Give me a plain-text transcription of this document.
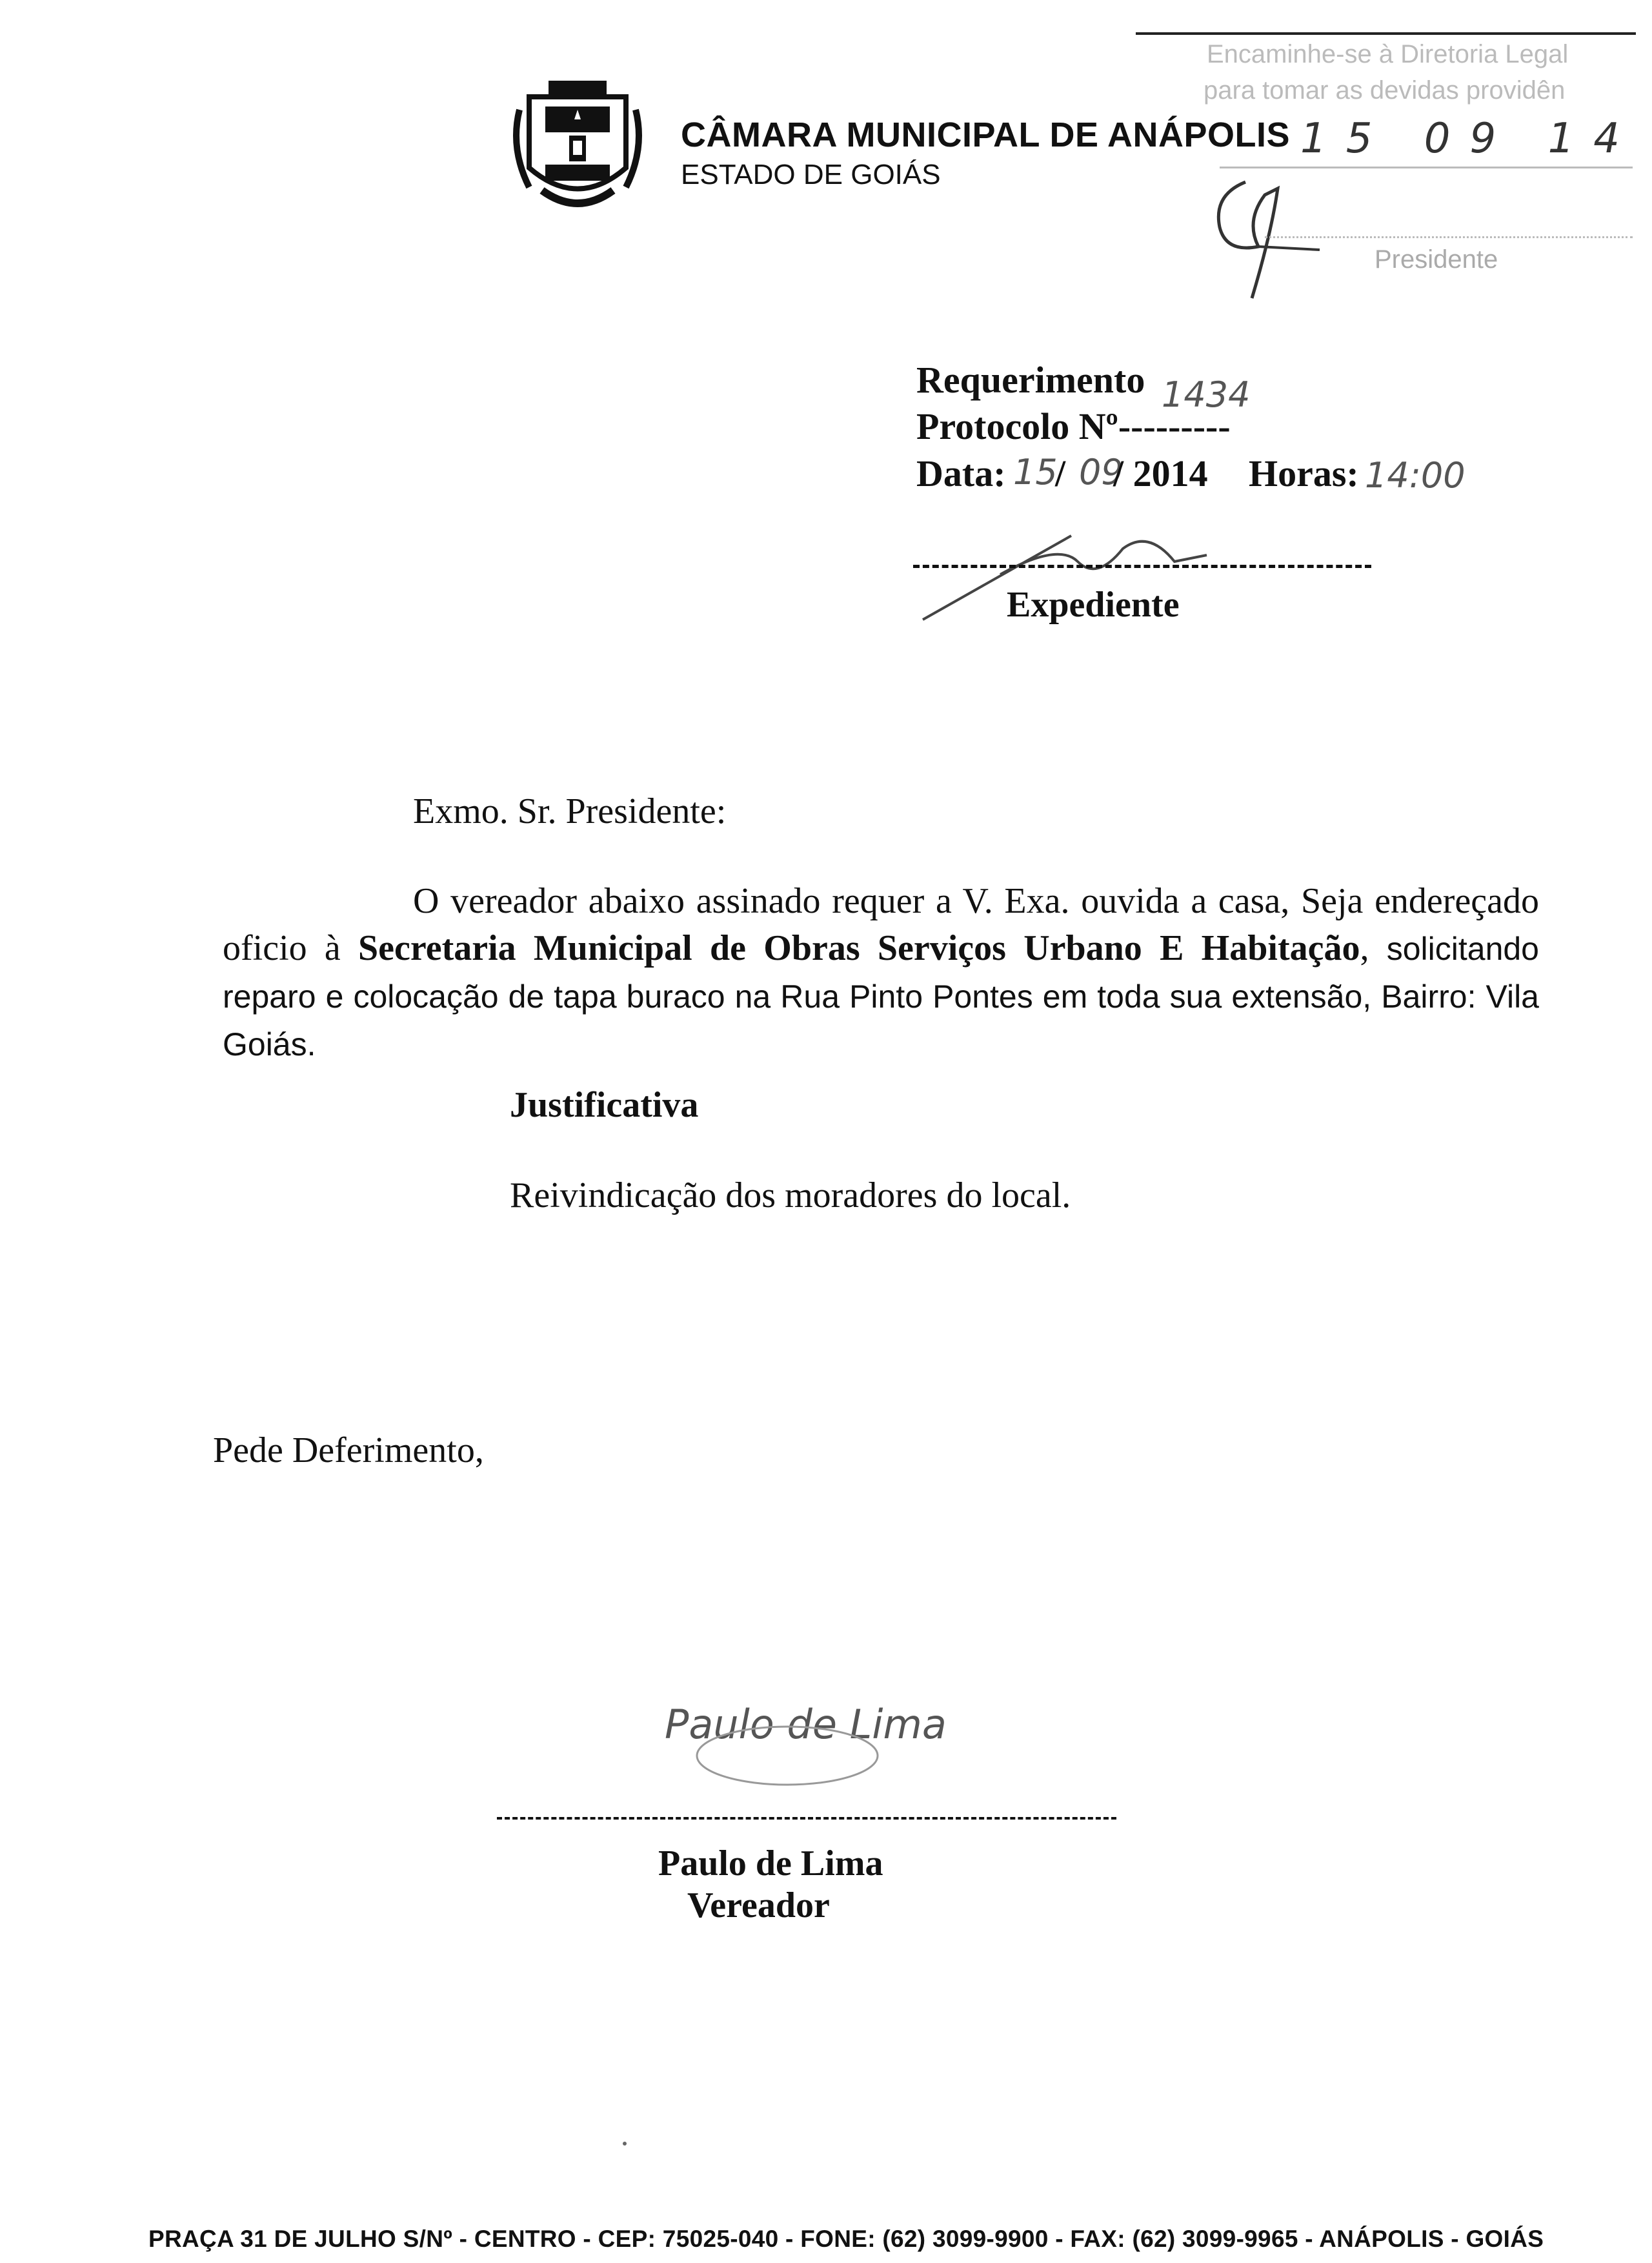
CÂMARA MUNICIPAL DE ANÁPOLIS
ESTADO DE GOIÁS
Encaminhe-se à Diretoria Legal
para tomar as devidas providên
15 09 14
Presidente
Requerimento 1434
Protocolo Nº---------
Data: 15
/ 09
/ 2014 Horas: 14:00
Expediente
Exmo. Sr. Presidente:
O vereador abaixo assinado requer a V. Exa. ouvida a casa, Seja endereçado oficio à Secretaria Municipal de Obras Serviços Urbano E Habitação, solicitando reparo e colocação de tapa buraco na Rua Pinto Pontes em toda sua extensão, Bairro: Vila Goiás.
Justificativa
Reivindicação dos moradores do local.
Pede Deferimento,
Paulo de Lima
Paulo de Lima
Vereador
PRAÇA 31 DE JULHO S/Nº - CENTRO - CEP: 75025-040 - FONE: (62) 3099-9900 - FAX: (62) 3099-9965 - ANÁPOLIS - GOIÁS
